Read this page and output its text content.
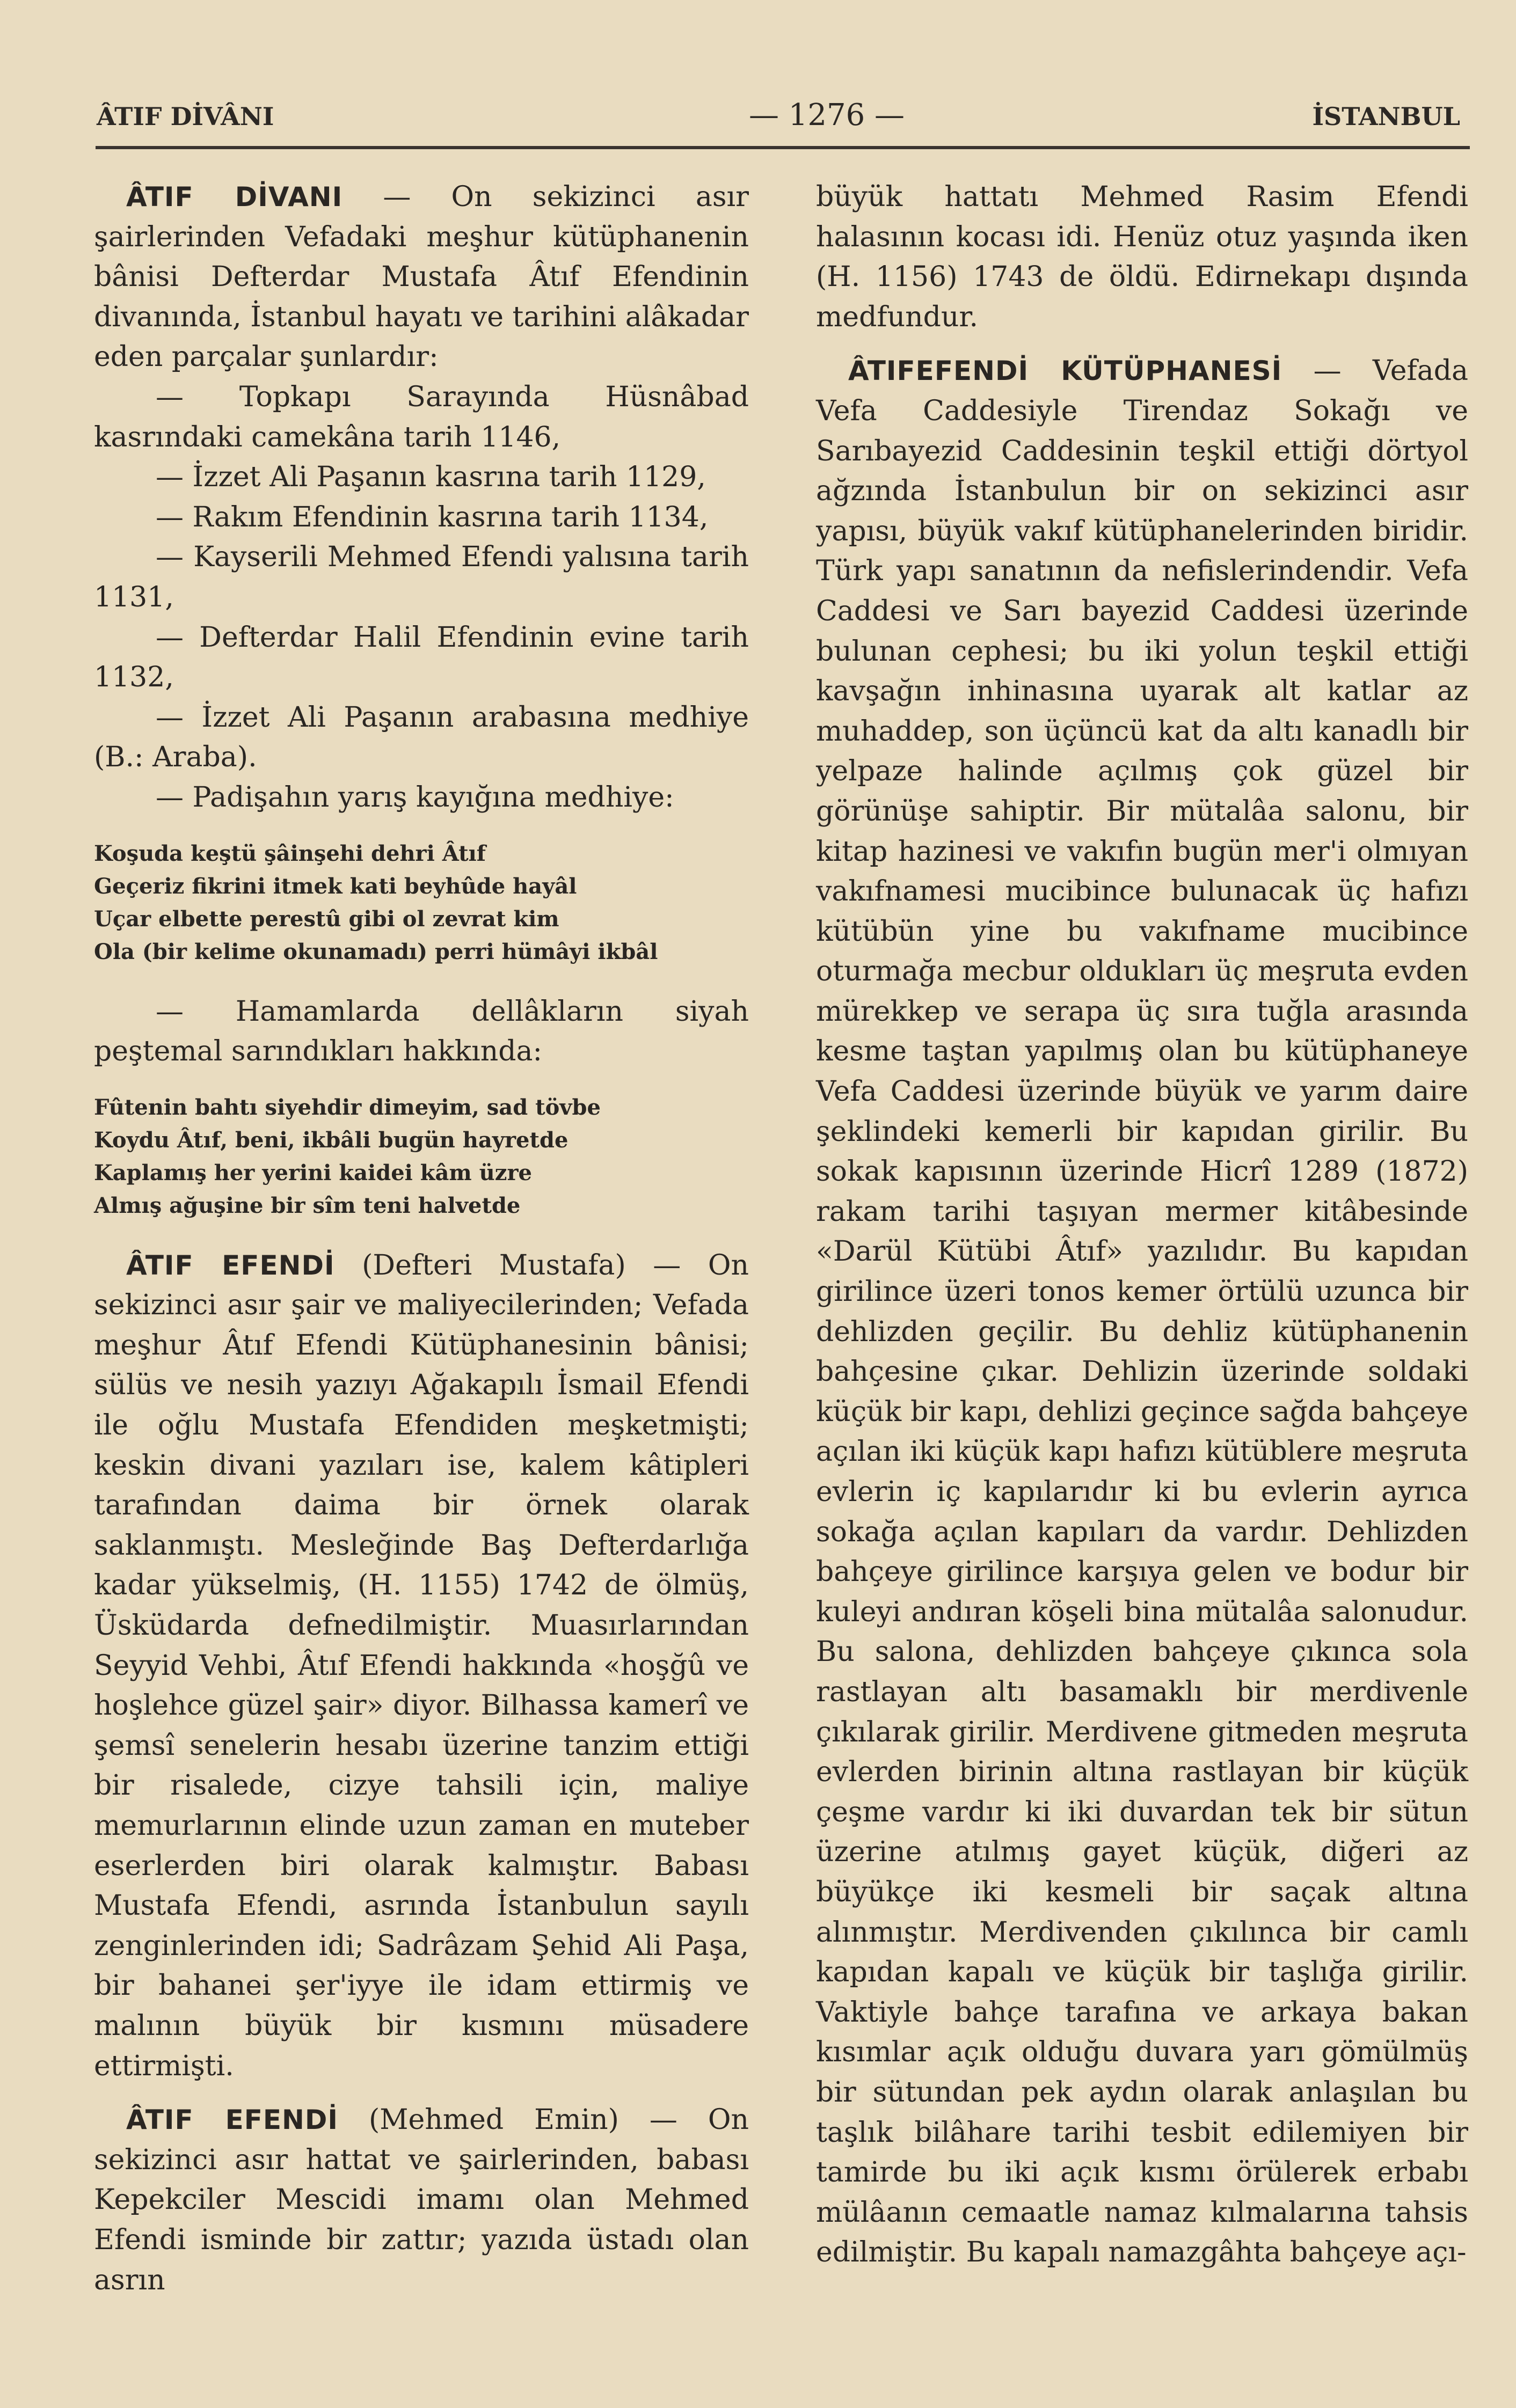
ÂTIF DİVÂNI	— 1276 —	İSTANBUL

ÂTIF DİVANI — On sekizinci asır şairlerinden Vefadaki meşhur kütüphanenin bânisi Defterdar Mustafa Âtıf Efendinin divanında, İstanbul hayatı ve tarihini alâkadar eden parçalar şunlardır:

— Topkapı Sarayında Hüsnâbad kasrındaki camekâna tarih 1146,

— İzzet Ali Paşanın kasrına tarih 1129,

— Rakım Efendinin kasrına tarih 1134,

— Kayserili Mehmed Efendi yalısına tarih 1131,

— Defterdar Halil Efendinin evine tarih 1132,

— İzzet Ali Paşanın arabasına medhiye (B.: Araba).

— Padişahın yarış kayığına medhiye:

Koşuda keştü şâinşehi dehri Âtıf
Geçeriz fikrini itmek kati beyhûde hayâl
Uçar elbette perestû gibi ol zevrat kim
Ola (bir kelime okunamadı) perri hümâyi ikbâl

— Hamamlarda dellâkların siyah peştemal sarındıkları hakkında:

Fûtenin bahtı siyehdir dimeyim, sad tövbe
Koydu Âtıf, beni, ikbâli bugün hayretde
Kaplamış her yerini kaidei kâm üzre
Almış ağuşine bir sîm teni halvetde

ÂTIF EFENDİ (Defteri Mustafa) — On sekizinci asır şair ve maliyecilerinden; Vefada meşhur Âtıf Efendi Kütüphanesinin bânisi; sülüs ve nesih yazıyı Ağakapılı İsmail Efendi ile oğlu Mustafa Efendiden meşketmişti; keskin divani yazıları ise, kalem kâtipleri tarafından daima bir örnek olarak saklanmıştı. Mesleğinde Baş Defterdarlığa kadar yükselmiş, (H. 1155) 1742 de ölmüş, Üsküdarda defnedilmiştir. Muasırlarından Seyyid Vehbi, Âtıf Efendi hakkında «hoşğû ve hoşlehce güzel şair» diyor. Bilhassa kamerî ve şemsî senelerin hesabı üzerine tanzim ettiği bir risalede, cizye tahsili için, maliye memurlarının elinde uzun zaman en muteber eserlerden biri olarak kalmıştır. Babası Mustafa Efendi, asrında İstanbulun sayılı zenginlerinden idi; Sadrâzam Şehid Ali Paşa, bir bahanei şer'iyye ile idam ettirmiş ve malının büyük bir kısmını müsadere ettirmişti.

ÂTIF EFENDİ (Mehmed Emin) — On sekizinci asır hattat ve şairlerinden, babası Kepekciler Mescidi imamı olan Mehmed Efendi isminde bir zattır; yazıda üstadı olan asrın

büyük hattatı Mehmed Rasim Efendi halasının kocası idi. Henüz otuz yaşında iken (H. 1156) 1743 de öldü. Edirnekapı dışında medfundur.

ÂTIFEFENDİ KÜTÜPHANESİ — Vefada Vefa Caddesiyle Tirendaz Sokağı ve Sarıbayezid Caddesinin teşkil ettiği dörtyol ağzında İstanbulun bir on sekizinci asır yapısı, büyük vakıf kütüphanelerinden biridir. Türk yapı sanatının da nefislerindendir. Vefa Caddesi ve Sarı bayezid Caddesi üzerinde bulunan cephesi; bu iki yolun teşkil ettiği kavşağın inhinasına uyarak alt katlar az muhaddep, son üçüncü kat da altı kanadlı bir yelpaze halinde açılmış çok güzel bir görünüşe sahiptir. Bir mütalâa salonu, bir kitap hazinesi ve vakıfın bugün mer'i olmıyan vakıfnamesi mucibince bulunacak üç hafızı kütübün yine bu vakıfname mucibince oturmağa mecbur oldukları üç meşruta evden mürekkep ve serapa üç sıra tuğla arasında kesme taştan yapılmış olan bu kütüphaneye Vefa Caddesi üzerinde büyük ve yarım daire şeklindeki kemerli bir kapıdan girilir. Bu sokak kapısının üzerinde Hicrî 1289 (1872) rakam tarihi taşıyan mermer kitâbesinde «Darül Kütübi Âtıf» yazılıdır. Bu kapıdan girilince üzeri tonos kemer örtülü uzunca bir dehlizden geçilir. Bu dehliz kütüphanenin bahçesine çıkar. Dehlizin üzerinde soldaki küçük bir kapı, dehlizi geçince sağda bahçeye açılan iki küçük kapı hafızı kütüblere meşruta evlerin iç kapılarıdır ki bu evlerin ayrıca sokağa açılan kapıları da vardır. Dehlizden bahçeye girilince karşıya gelen ve bodur bir kuleyi andıran köşeli bina mütalâa salonudur. Bu salona, dehlizden bahçeye çıkınca sola rastlayan altı basamaklı bir merdivenle çıkılarak girilir. Merdivene gitmeden meşruta evlerden birinin altına rastlayan bir küçük çeşme vardır ki iki duvardan tek bir sütun üzerine atılmış gayet küçük, diğeri az büyükçe iki kesmeli bir saçak altına alınmıştır. Merdivenden çıkılınca bir camlı kapıdan kapalı ve küçük bir taşlığa girilir. Vaktiyle bahçe tarafına ve arkaya bakan kısımlar açık olduğu duvara yarı gömülmüş bir sütundan pek aydın olarak anlaşılan bu taşlık bilâhare tarihi tesbit edilemiyen bir tamirde bu iki açık kısmı örülerek erbabı mülâanın cemaatle namaz kılmalarına tahsis edilmiştir. Bu kapalı namazgâhta bahçeye açı-
